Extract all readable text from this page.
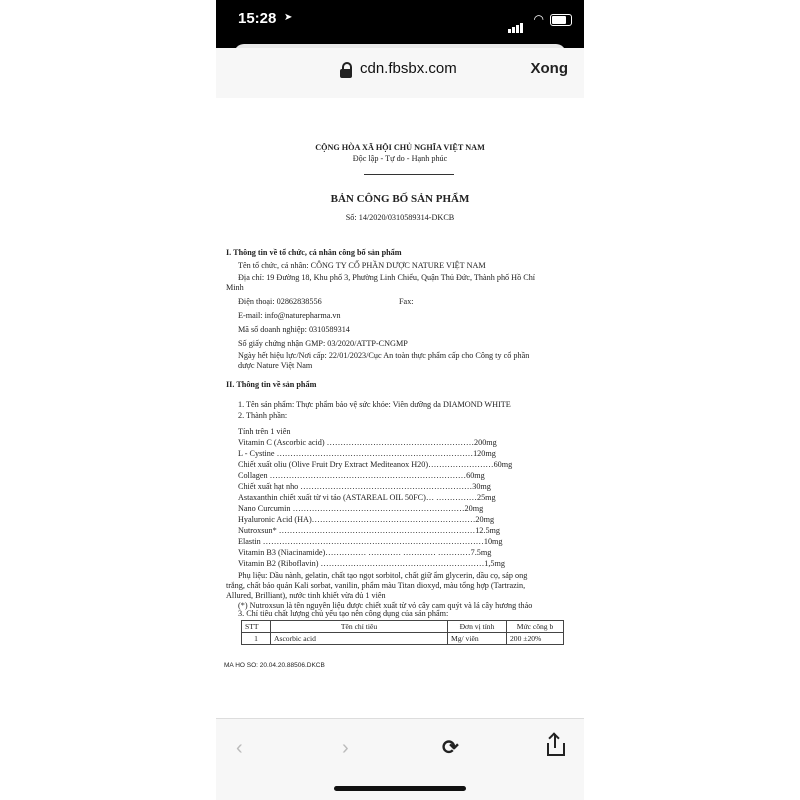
15:28 ➤	◠
cdn.fbsbx.com	Xong
CỘNG HÒA XÃ HỘI CHỦ NGHĨA VIỆT NAM
Độc lập - Tự do - Hạnh phúc
BẢN CÔNG BỐ SẢN PHẨM
Số: 14/2020/0310589314-DKCB
I. Thông tin về tổ chức, cá nhân công bố sản phẩm
Tên tổ chức, cá nhân: CÔNG TY CỔ PHẦN DƯỢC NATURE VIỆT NAM
Địa chỉ: 19 Đường 18, Khu phố 3, Phường Linh Chiểu, Quận Thủ Đức, Thành phố Hồ Chí
Minh
Điện thoại: 02862838556	Fax:
E-mail: info@naturepharma.vn
Mã số doanh nghiệp: 0310589314
Số giấy chứng nhận GMP: 03/2020/ATTP-CNGMP
Ngày hết hiệu lực/Nơi cấp: 22/01/2023/Cục An toàn thực phẩm cấp cho Công ty cổ phần
dược Nature Việt Nam
II. Thông tin về sản phẩm
1. Tên sản phẩm: Thực phẩm bảo vệ sức khỏe: Viên dưỡng da DIAMOND WHITE
2. Thành phần:
Tính trên 1 viên
Vitamin C (Ascorbic acid) ………………………………………………200mg
L - Cystine ………………………………………………………………120mg
Chiết xuất oliu (Olive Fruit Dry Extract Mediteanox H20)……………………60mg
Collagen ………………………………………………………………60mg
Chiết xuất hạt nho ………………………………………………………30mg
Astaxanthin chiết xuất từ vi tảo (ASTAREAL OIL 50FC)… ……………25mg
Nano Curcumin ………………………………………………………20mg
Hyaluronic Acid (HA)……………………………………………………20mg
Nutroxsun* ………………………………………………………………12.5mg
Elastin ………………………………………………………………………10mg
Vitamin B3 (Niacinamide)…………… ………… ………… …………7.5mg
Vitamin B2 (Riboflavin) ……………………………………………………1,5mg
Phụ liệu: Dầu nành, gelatin, chất tạo ngọt sorbitol, chất giữ ẩm glycerin, dầu cọ, sáp ong
trắng, chất bảo quản Kali sorbat, vanilin, phẩm màu Titan dioxyd, màu tổng hợp (Tartrazin,
Allured, Brilliant), nước tinh khiết vừa đủ 1 viên
(*) Nutroxsun là tên nguyên liệu được chiết xuất từ vỏ cây cam quýt và lá cây hương thảo
3. Chỉ tiêu chất lượng chủ yếu tạo nên công dụng của sản phẩm:
STT	Tên chỉ tiêu	Đơn vị tính	Mức công b
1	Ascorbic acid	Mg/ viên	200 ±20%
MA HO SO: 20.04.20.88506.DKCB
‹	›	⟳
